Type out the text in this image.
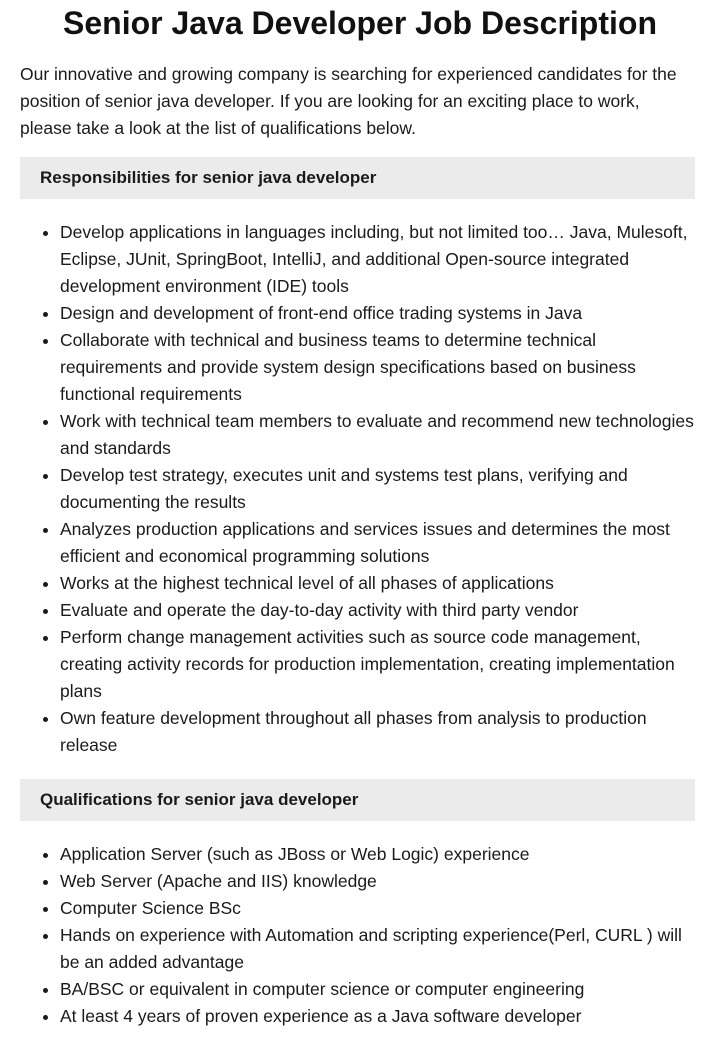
Senior Java Developer Job Description

Our innovative and growing company is searching for experienced candidates for the position of senior java developer. If you are looking for an exciting place to work, please take a look at the list of qualifications below.

Responsibilities for senior java developer
• Develop applications in languages including, but not limited too… Java, Mulesoft, Eclipse, JUnit, SpringBoot, IntelliJ, and additional Open-source integrated development environment (IDE) tools
• Design and development of front-end office trading systems in Java
• Collaborate with technical and business teams to determine technical requirements and provide system design specifications based on business functional requirements
• Work with technical team members to evaluate and recommend new technologies and standards
• Develop test strategy, executes unit and systems test plans, verifying and documenting the results
• Analyzes production applications and services issues and determines the most efficient and economical programming solutions
• Works at the highest technical level of all phases of applications
• Evaluate and operate the day-to-day activity with third party vendor
• Perform change management activities such as source code management, creating activity records for production implementation, creating implementation plans
• Own feature development throughout all phases from analysis to production release
Qualifications for senior java developer
• Application Server (such as JBoss or Web Logic) experience
• Web Server (Apache and IIS) knowledge
• Computer Science BSc
• Hands on experience with Automation and scripting experience(Perl, CURL ) will be an added advantage
• BA/BSC or equivalent in computer science or computer engineering
• At least 4 years of proven experience as a Java software developer
